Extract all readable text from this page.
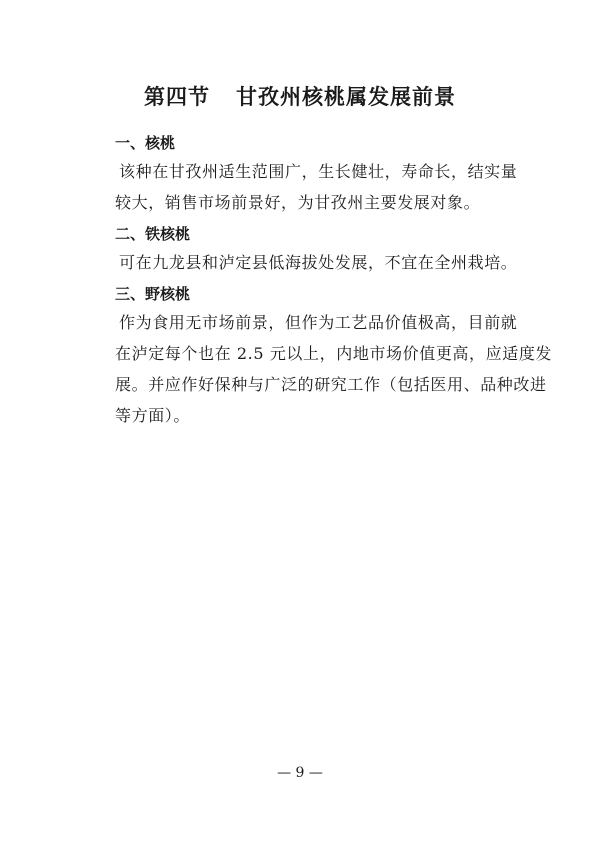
第四节 甘孜州核桃属发展前景
一、核桃

该种在甘孜州适生范围广，生长健壮，寿命长，结实量
较大，销售市场前景好，为甘孜州主要发展对象。

二、铁核桃

可在九龙县和泸定县低海拔处发展，不宜在全州栽培。

三、野核桃

作为食用无市场前景，但作为工艺品价值极高，目前就
在泸定每个也在 2.5 元以上，内地市场价值更高，应适度发
展。并应作好保种与广泛的研究工作（包括医用、品种改进
等方面）。

— 9 —
